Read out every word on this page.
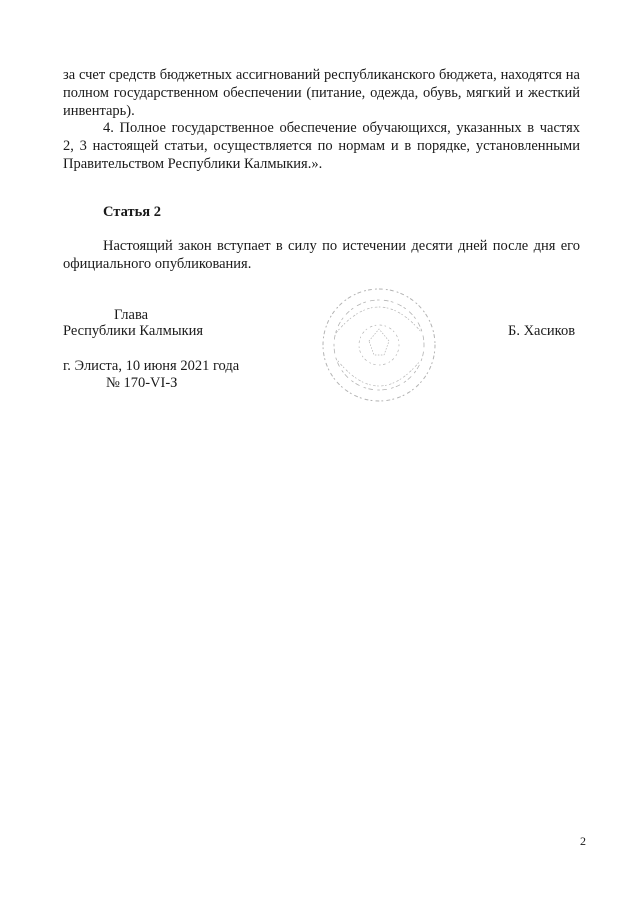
за счет средств бюджетных ассигнований республиканского бюджета, находятся на полном государственном обеспечении (питание, одежда, обувь, мягкий и жесткий инвентарь).

4. Полное государственное обеспечение обучающихся, указанных в частях 2, 3 настоящей статьи, осуществляется по нормам и в порядке, установленными Правительством Республики Калмыкия.».

Статья 2

Настоящий закон вступает в силу по истечении десяти дней после дня его официального опубликования.

Глава
Республики Калмыкия	Б. Хасиков
г. Элиста, 10 июня 2021 года
№ 170-VI-З
2
